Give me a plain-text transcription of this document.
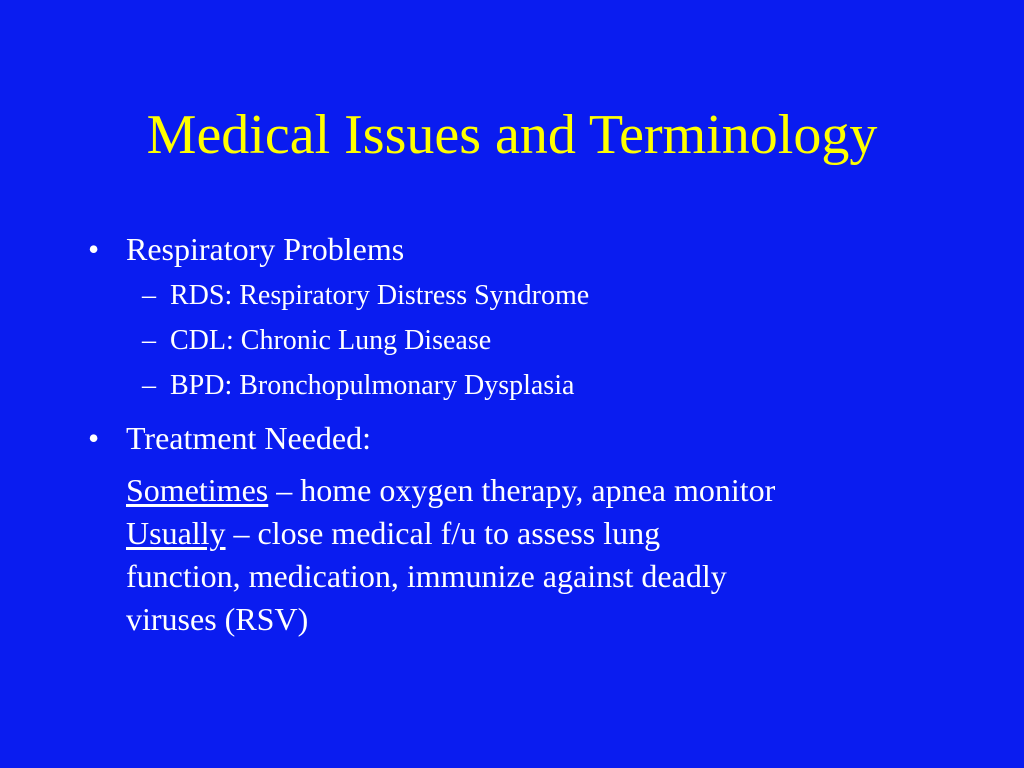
Medical Issues and Terminology
• Respiratory Problems
– RDS: Respiratory Distress Syndrome
– CDL: Chronic Lung Disease
– BPD: Bronchopulmonary Dysplasia
• Treatment Needed:
Sometimes – home oxygen therapy, apnea monitor
Usually – close medical f/u to assess lung
function, medication, immunize against deadly
viruses (RSV)
